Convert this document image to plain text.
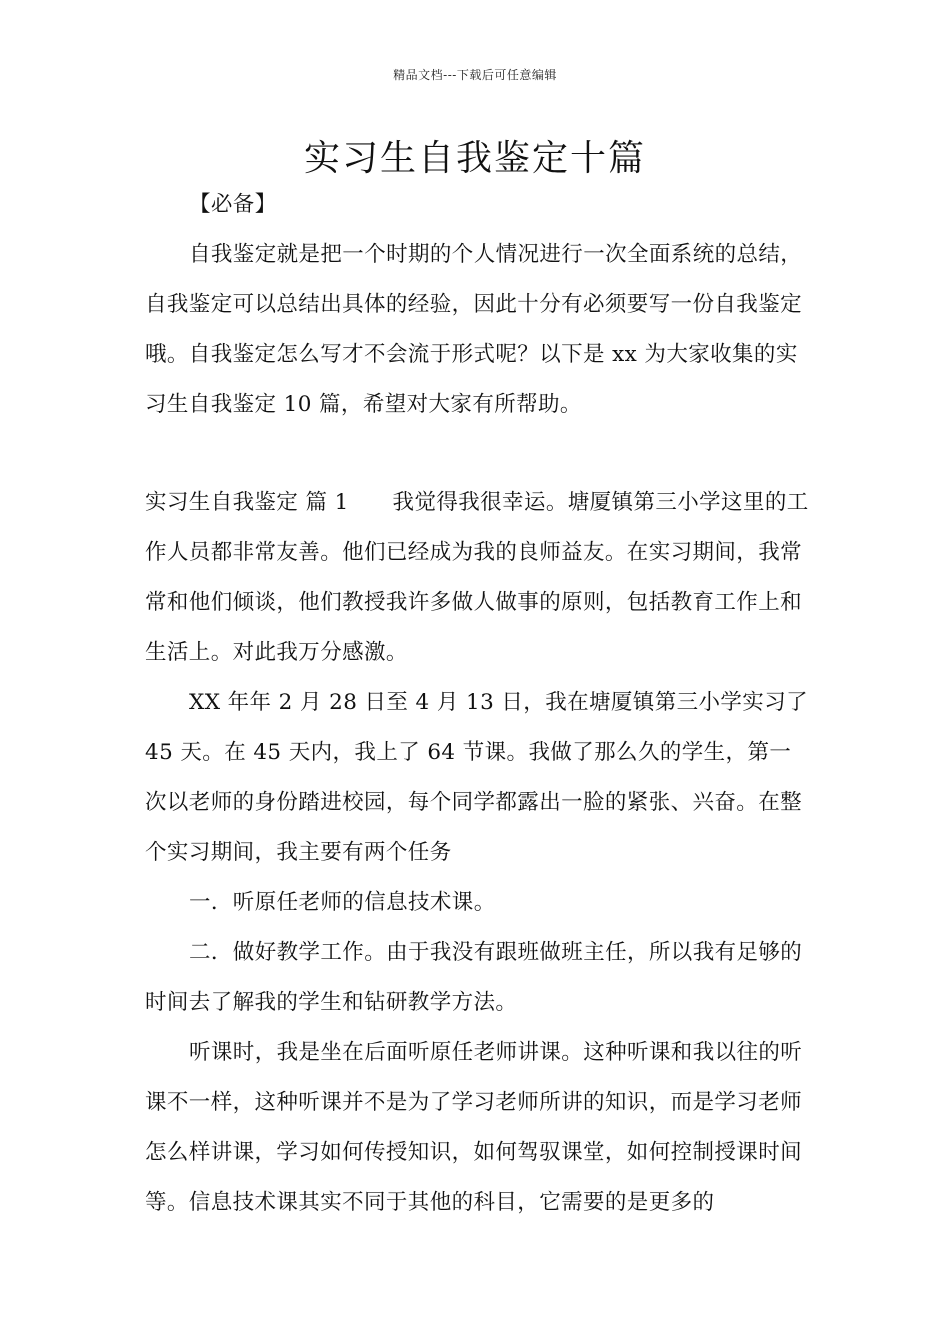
精品文档---下载后可任意编辑
实习生自我鉴定十篇

【必备】

自我鉴定就是把一个时期的个人情况进行一次全面系统的总结，自我鉴定可以总结出具体的经验，因此十分有必须要写一份自我鉴定哦。自我鉴定怎么写才不会流于形式呢？以下是 xx 为大家收集的实习生自我鉴定 10 篇，希望对大家有所帮助。

实习生自我鉴定 篇 1　　我觉得我很幸运。塘厦镇第三小学这里的工作人员都非常友善。他们已经成为我的良师益友。在实习期间，我常常和他们倾谈，他们教授我许多做人做事的原则，包括教育工作上和生活上。对此我万分感激。

XX 年年 2 月 28 日至 4 月 13 日，我在塘厦镇第三小学实习了 45 天。在 45 天内，我上了 64 节课。我做了那么久的学生，第一次以老师的身份踏进校园，每个同学都露出一脸的紧张、兴奋。在整个实习期间，我主要有两个任务

一．听原任老师的信息技术课。

二．做好教学工作。由于我没有跟班做班主任，所以我有足够的时间去了解我的学生和钻研教学方法。

听课时，我是坐在后面听原任老师讲课。这种听课和我以往的听课不一样，这种听课并不是为了学习老师所讲的知识，而是学习老师怎么样讲课，学习如何传授知识，如何驾驭课堂，如何控制授课时间等。信息技术课其实不同于其他的科目，它需要的是更多的
